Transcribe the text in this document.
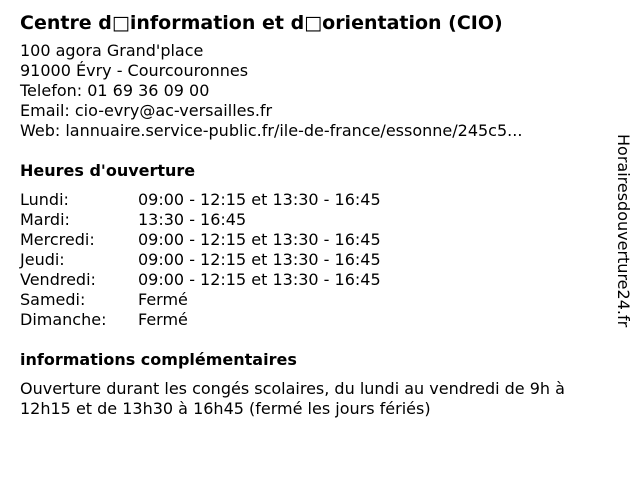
Centre d□information et d□orientation (CIO)
100 agora Grand'place
91000 Évry - Courcouronnes
Telefon: 01 69 36 09 00
Email: cio-evry@ac-versailles.fr
Web: lannuaire.service-public.fr/ile-de-france/essonne/245c5...
Heures d'ouverture
Lundi:	09:00 - 12:15 et 13:30 - 16:45
Mardi:	13:30 - 16:45
Mercredi:	09:00 - 12:15 et 13:30 - 16:45
Jeudi:	09:00 - 12:15 et 13:30 - 16:45
Vendredi:	09:00 - 12:15 et 13:30 - 16:45
Samedi:	Fermé
Dimanche:	Fermé
informations complémentaires
Ouverture durant les congés scolaires, du lundi au vendredi de 9h à 12h15 et de 13h30 à 16h45 (fermé les jours fériés)
Horairesdouverture24.fr
